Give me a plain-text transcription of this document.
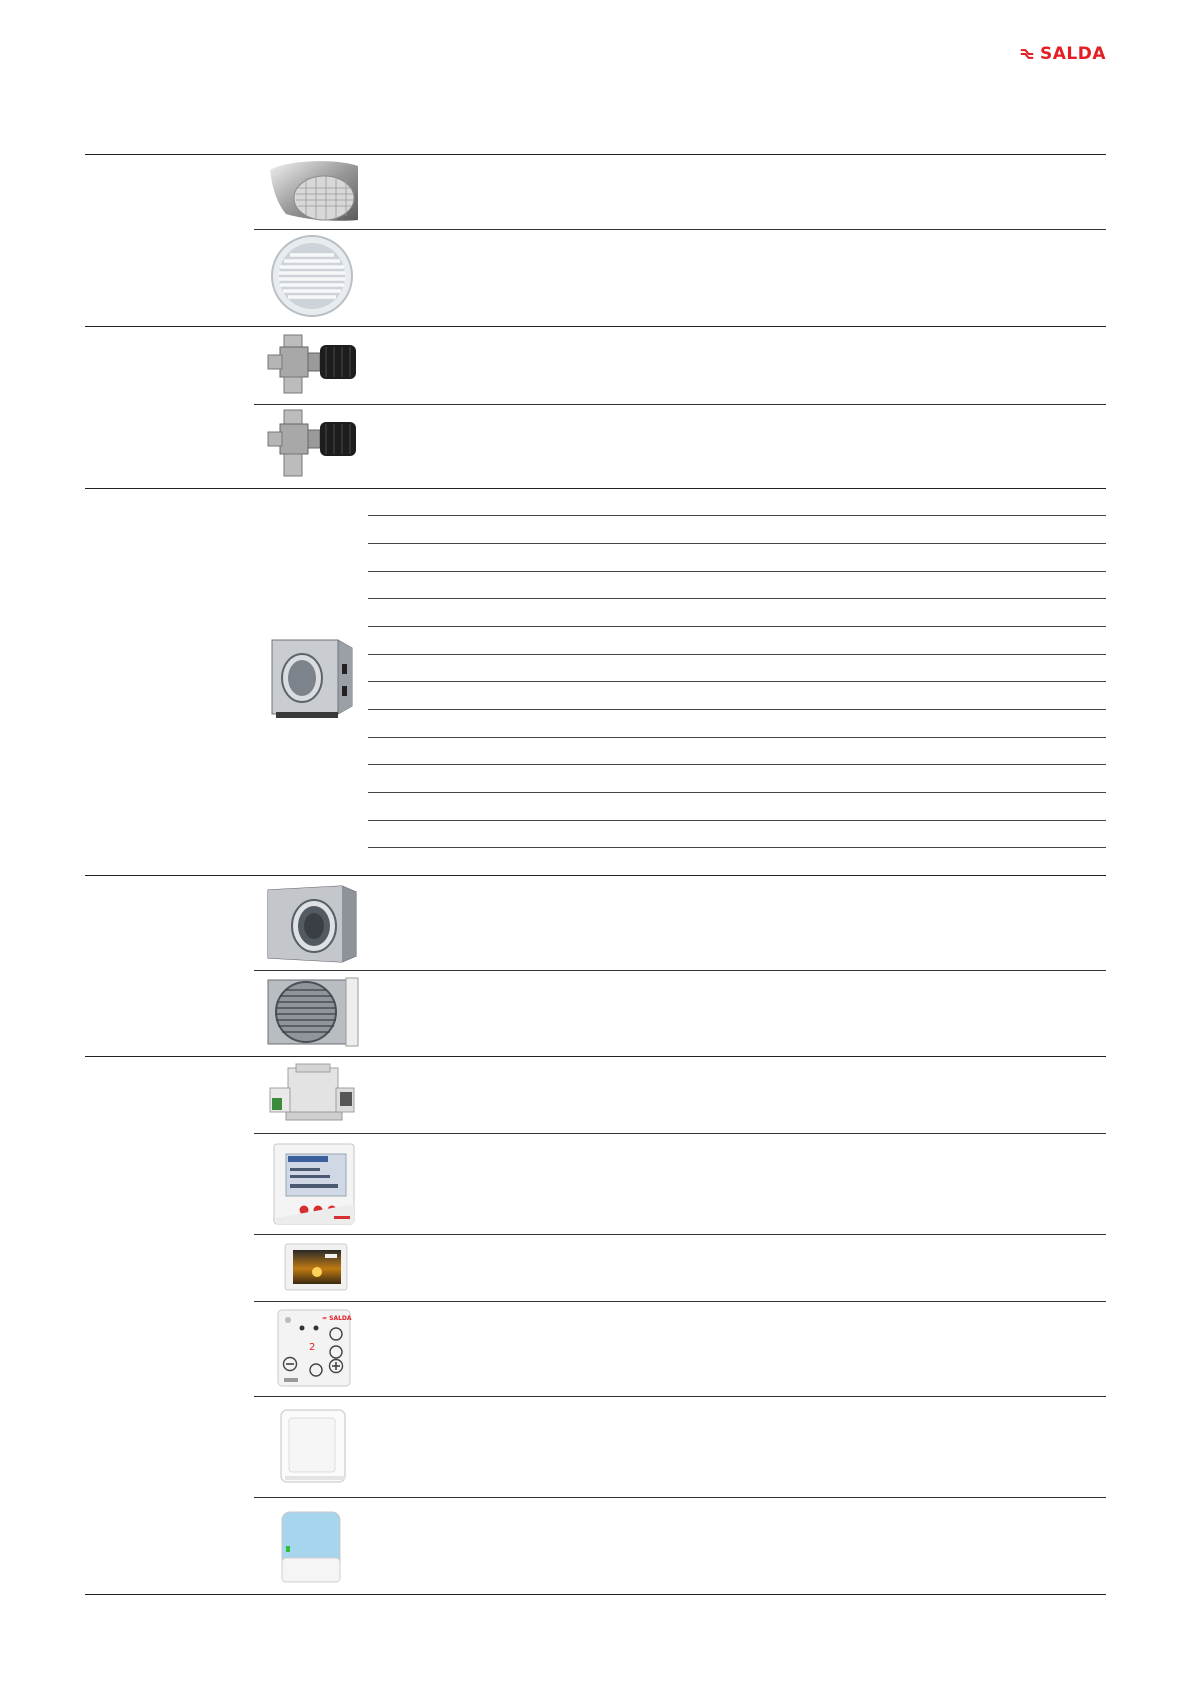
SALDA
≈ SALDA
2
